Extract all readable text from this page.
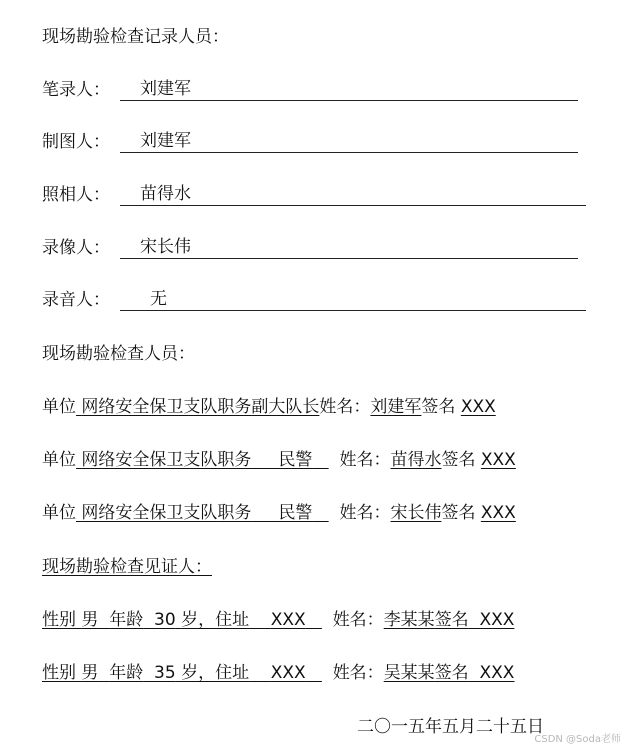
现场勘验检查记录人员：
笔录人： 刘建军
制图人： 刘建军
照相人： 苗得水
录像人： 宋长伟
录音人： 无
现场勘验检查人员：
单位 网络安全保卫支队职务副大队长姓名：刘建军签名 XXX
单位 网络安全保卫支队职务 民警 姓名：苗得水签名 XXX
单位 网络安全保卫支队职务 民警 姓名：宋长伟签名 XXX
现场勘验检查见证人：
性别 男 年龄 30 岁，住址 XXX 姓名：李某某签名 XXX
性别 男 年龄 35 岁，住址 XXX 姓名：吴某某签名 XXX
二〇一五年五月二十五日
CSDN @Soda老师
